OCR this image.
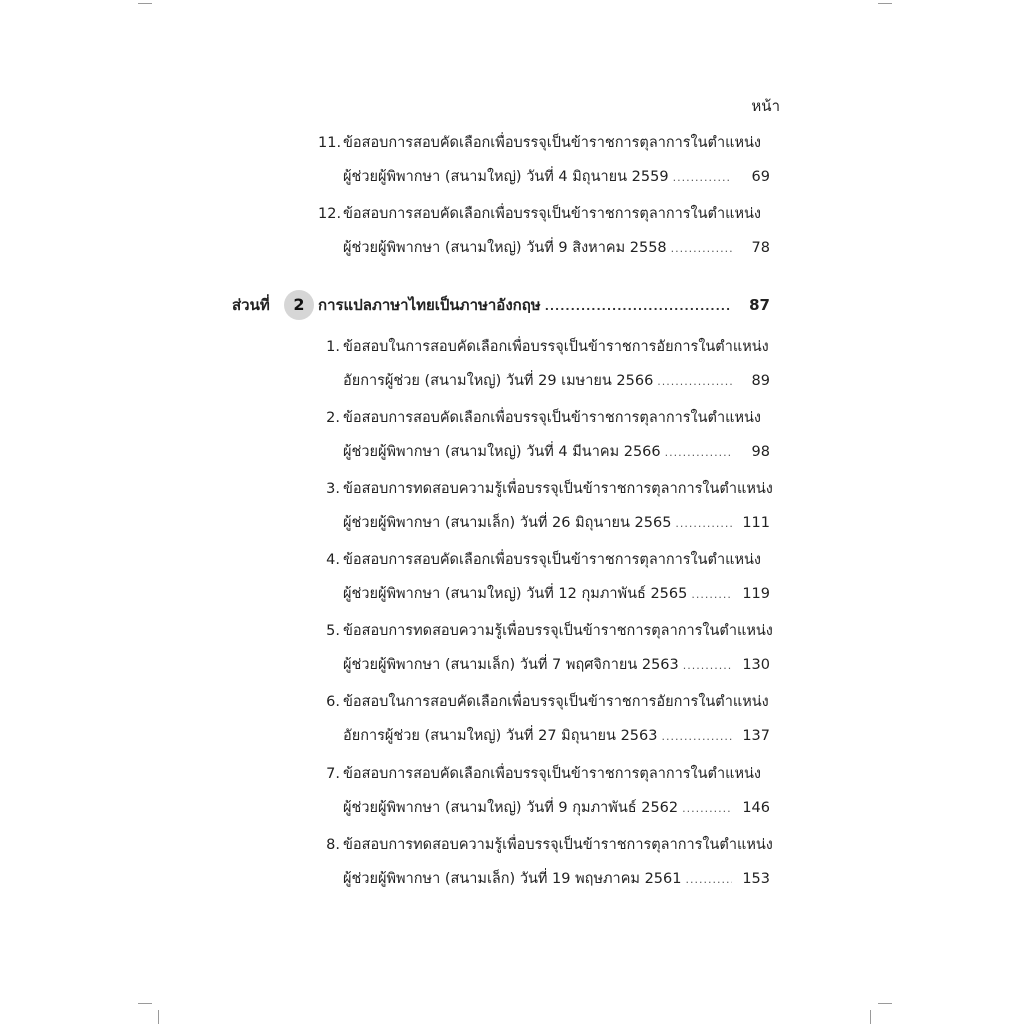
หน้า
11. ข้อสอบการสอบคัดเลือกเพื่อบรรจุเป็นข้าราชการตุลาการในตำแหน่ง
ผู้ช่วยผู้พิพากษา (สนามใหญ่) วันที่ 4 มิถุนายน 2559 .....	69
12. ข้อสอบการสอบคัดเลือกเพื่อบรรจุเป็นข้าราชการตุลาการในตำแหน่ง
ผู้ช่วยผู้พิพากษา (สนามใหญ่) วันที่ 9 สิงหาคม 2558 .....	78
ส่วนที่	2 การแปลภาษาไทยเป็นภาษาอังกฤษ .....	87
1. ข้อสอบในการสอบคัดเลือกเพื่อบรรจุเป็นข้าราชการอัยการในตำแหน่ง
อัยการผู้ช่วย (สนามใหญ่) วันที่ 29 เมษายน 2566 .....	89
2. ข้อสอบการสอบคัดเลือกเพื่อบรรจุเป็นข้าราชการตุลาการในตำแหน่ง
ผู้ช่วยผู้พิพากษา (สนามใหญ่) วันที่ 4 มีนาคม 2566 .....	98
3. ข้อสอบการทดสอบความรู้เพื่อบรรจุเป็นข้าราชการตุลาการในตำแหน่ง
ผู้ช่วยผู้พิพากษา (สนามเล็ก) วันที่ 26 มิถุนายน 2565 .....	111
4. ข้อสอบการสอบคัดเลือกเพื่อบรรจุเป็นข้าราชการตุลาการในตำแหน่ง
ผู้ช่วยผู้พิพากษา (สนามใหญ่) วันที่ 12 กุมภาพันธ์ 2565 .....	119
5. ข้อสอบการทดสอบความรู้เพื่อบรรจุเป็นข้าราชการตุลาการในตำแหน่ง
ผู้ช่วยผู้พิพากษา (สนามเล็ก) วันที่ 7 พฤศจิกายน 2563 .....	130
6. ข้อสอบในการสอบคัดเลือกเพื่อบรรจุเป็นข้าราชการอัยการในตำแหน่ง
อัยการผู้ช่วย (สนามใหญ่) วันที่ 27 มิถุนายน 2563 .....	137
7. ข้อสอบการสอบคัดเลือกเพื่อบรรจุเป็นข้าราชการตุลาการในตำแหน่ง
ผู้ช่วยผู้พิพากษา (สนามใหญ่) วันที่ 9 กุมภาพันธ์ 2562 .....	146
8. ข้อสอบการทดสอบความรู้เพื่อบรรจุเป็นข้าราชการตุลาการในตำแหน่ง
ผู้ช่วยผู้พิพากษา (สนามเล็ก) วันที่ 19 พฤษภาคม 2561 .....	153
